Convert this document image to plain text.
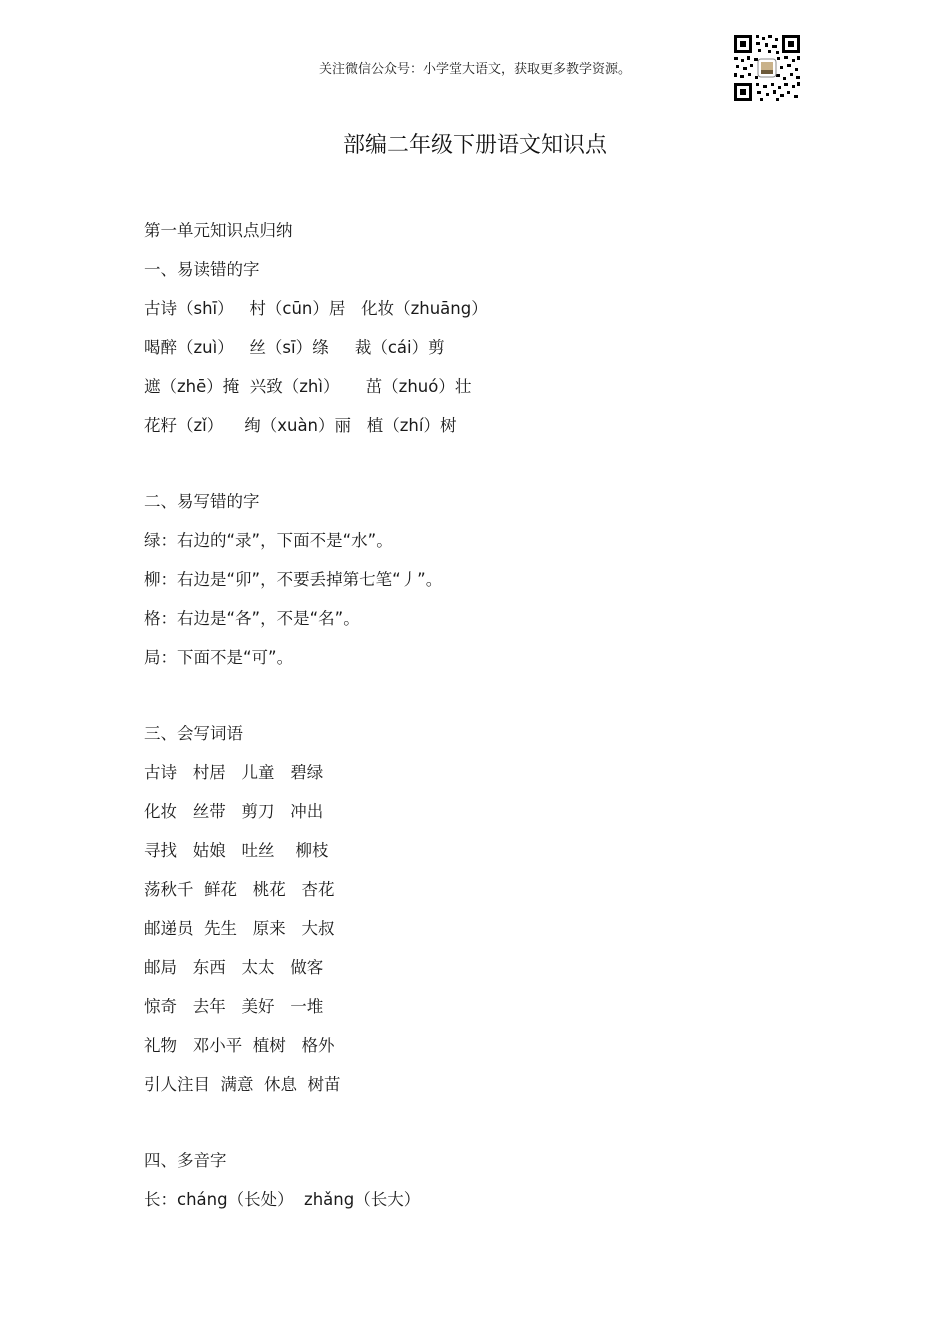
关注微信公众号：小学堂大语文，获取更多教学资源。
部编二年级下册语文知识点
第一单元知识点归纳
一、易读错的字
古诗（shī）   村（cūn）居   化妆（zhuāng）
喝醉（zuì）   丝（sī）绦     裁（cái）剪
遮（zhē）掩  兴致（zhì）     茁（zhuó）壮
花籽（zǐ）    绚（xuàn）丽   植（zhí）树
二、易写错的字
绿：右边的“录”，下面不是“水”。
柳：右边是“卯”，不要丢掉第七笔“丿”。
格：右边是“各”，不是“名”。
局：下面不是“可”。
三、会写词语
古诗   村居   儿童   碧绿
化妆   丝带   剪刀   冲出
寻找   姑娘   吐丝    柳枝
荡秋千  鲜花   桃花   杏花
邮递员  先生   原来   大叔
邮局   东西   太太   做客
惊奇   去年   美好   一堆
礼物   邓小平  植树   格外
引人注目  满意  休息  树苗
四、多音字
长：cháng（长处）  zhǎng（长大）
